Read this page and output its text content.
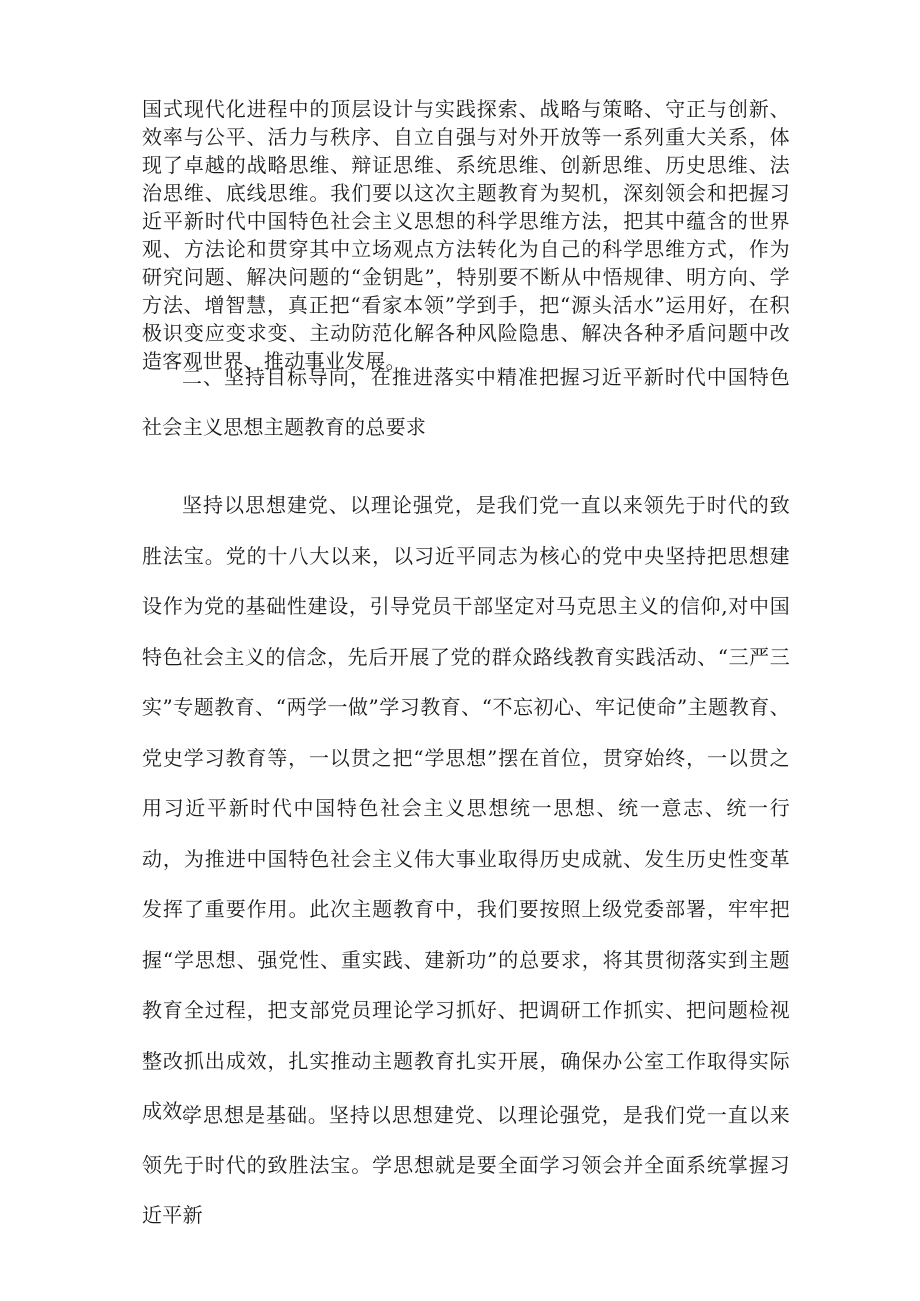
国式现代化进程中的顶层设计与实践探索、战略与策略、守正与创新、效率与公平、活力与秩序、自立自强与对外开放等一系列重大关系，体现了卓越的战略思维、辩证思维、系统思维、创新思维、历史思维、法治思维、底线思维。我们要以这次主题教育为契机，深刻领会和把握习近平新时代中国特色社会主义思想的科学思维方法，把其中蕴含的世界观、方法论和贯穿其中立场观点方法转化为自己的科学思维方式，作为研究问题、解决问题的“金钥匙”，特别要不断从中悟规律、明方向、学方法、增智慧，真正把“看家本领”学到手，把“源头活水”运用好，在积极识变应变求变、主动防范化解各种风险隐患、解决各种矛盾问题中改造客观世界、推动事业发展。

二、坚持目标导向，在推进落实中精准把握习近平新时代中国特色社会主义思想主题教育的总要求

坚持以思想建党、以理论强党，是我们党一直以来领先于时代的致胜法宝。党的十八大以来，以习近平同志为核心的党中央坚持把思想建设作为党的基础性建设，引导党员干部坚定对马克思主义的信仰,对中国特色社会主义的信念，先后开展了党的群众路线教育实践活动、“三严三实”专题教育、“两学一做”学习教育、“不忘初心、牢记使命”主题教育、党史学习教育等，一以贯之把“学思想”摆在首位，贯穿始终，一以贯之用习近平新时代中国特色社会主义思想统一思想、统一意志、统一行动，为推进中国特色社会主义伟大事业取得历史成就、发生历史性变革发挥了重要作用。此次主题教育中，我们要按照上级党委部署，牢牢把握“学思想、强党性、重实践、建新功”的总要求，将其贯彻落实到主题教育全过程，把支部党员理论学习抓好、把调研工作抓实、把问题检视整改抓出成效，扎实推动主题教育扎实开展，确保办公室工作取得实际成效。

学思想是基础。坚持以思想建党、以理论强党，是我们党一直以来领先于时代的致胜法宝。学思想就是要全面学习领会并全面系统掌握习近平新
